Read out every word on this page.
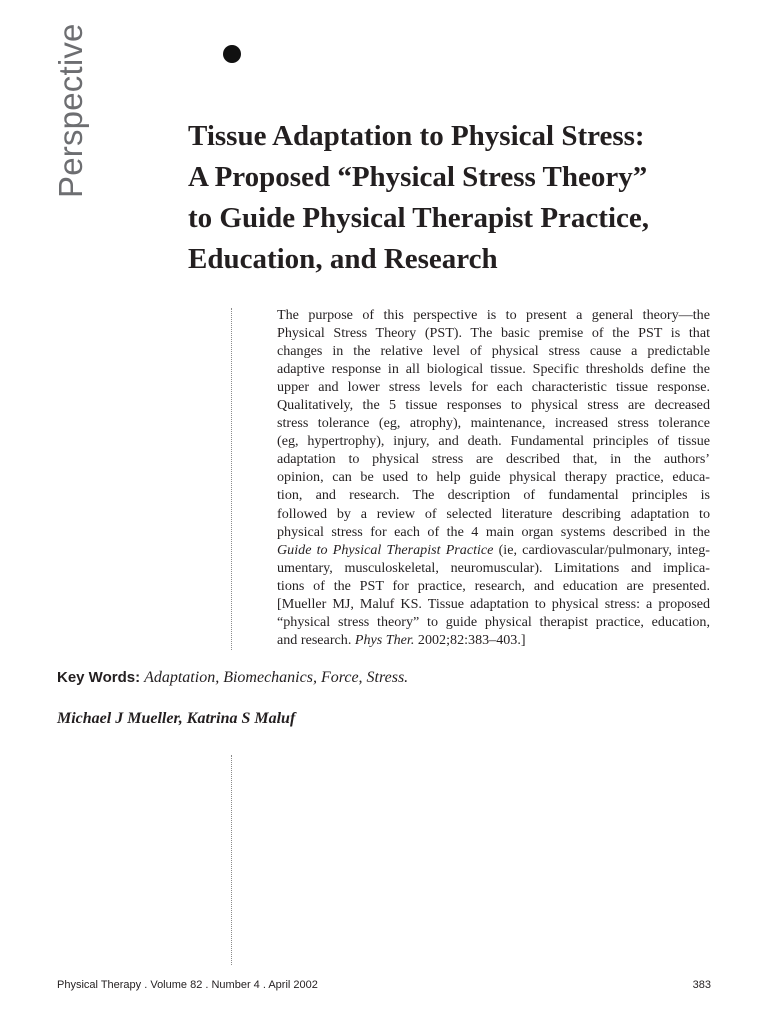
Perspective	Tissue Adaptation to Physical Stress:
A Proposed “Physical Stress Theory”
to Guide Physical Therapist Practice,
Education, and Research
The purpose of this perspective is to present a general theory—the
Physical Stress Theory (PST). The basic premise of the PST is that
changes in the relative level of physical stress cause a predictable
adaptive response in all biological tissue. Specific thresholds define the
upper and lower stress levels for each characteristic tissue response.
Qualitatively, the 5 tissue responses to physical stress are decreased
stress tolerance (eg, atrophy), maintenance, increased stress tolerance
(eg, hypertrophy), injury, and death. Fundamental principles of tissue
adaptation to physical stress are described that, in the authors’
opinion, can be used to help guide physical therapy practice, educa-
tion, and research. The description of fundamental principles is
followed by a review of selected literature describing adaptation to
physical stress for each of the 4 main organ systems described in the
Guide to Physical Therapist Practice (ie, cardiovascular/pulmonary, integ-
umentary, musculoskeletal, neuromuscular). Limitations and implica-
tions of the PST for practice, research, and education are presented.
[Mueller MJ, Maluf KS. Tissue adaptation to physical stress: a proposed
“physical stress theory” to guide physical therapist practice, education,
and research. Phys Ther. 2002;82:383–403.]

Key Words: Adaptation, Biomechanics, Force, Stress.

Michael J Mueller, Katrina S Maluf

Physical Therapy . Volume 82 . Number 4 . April 2002	383
